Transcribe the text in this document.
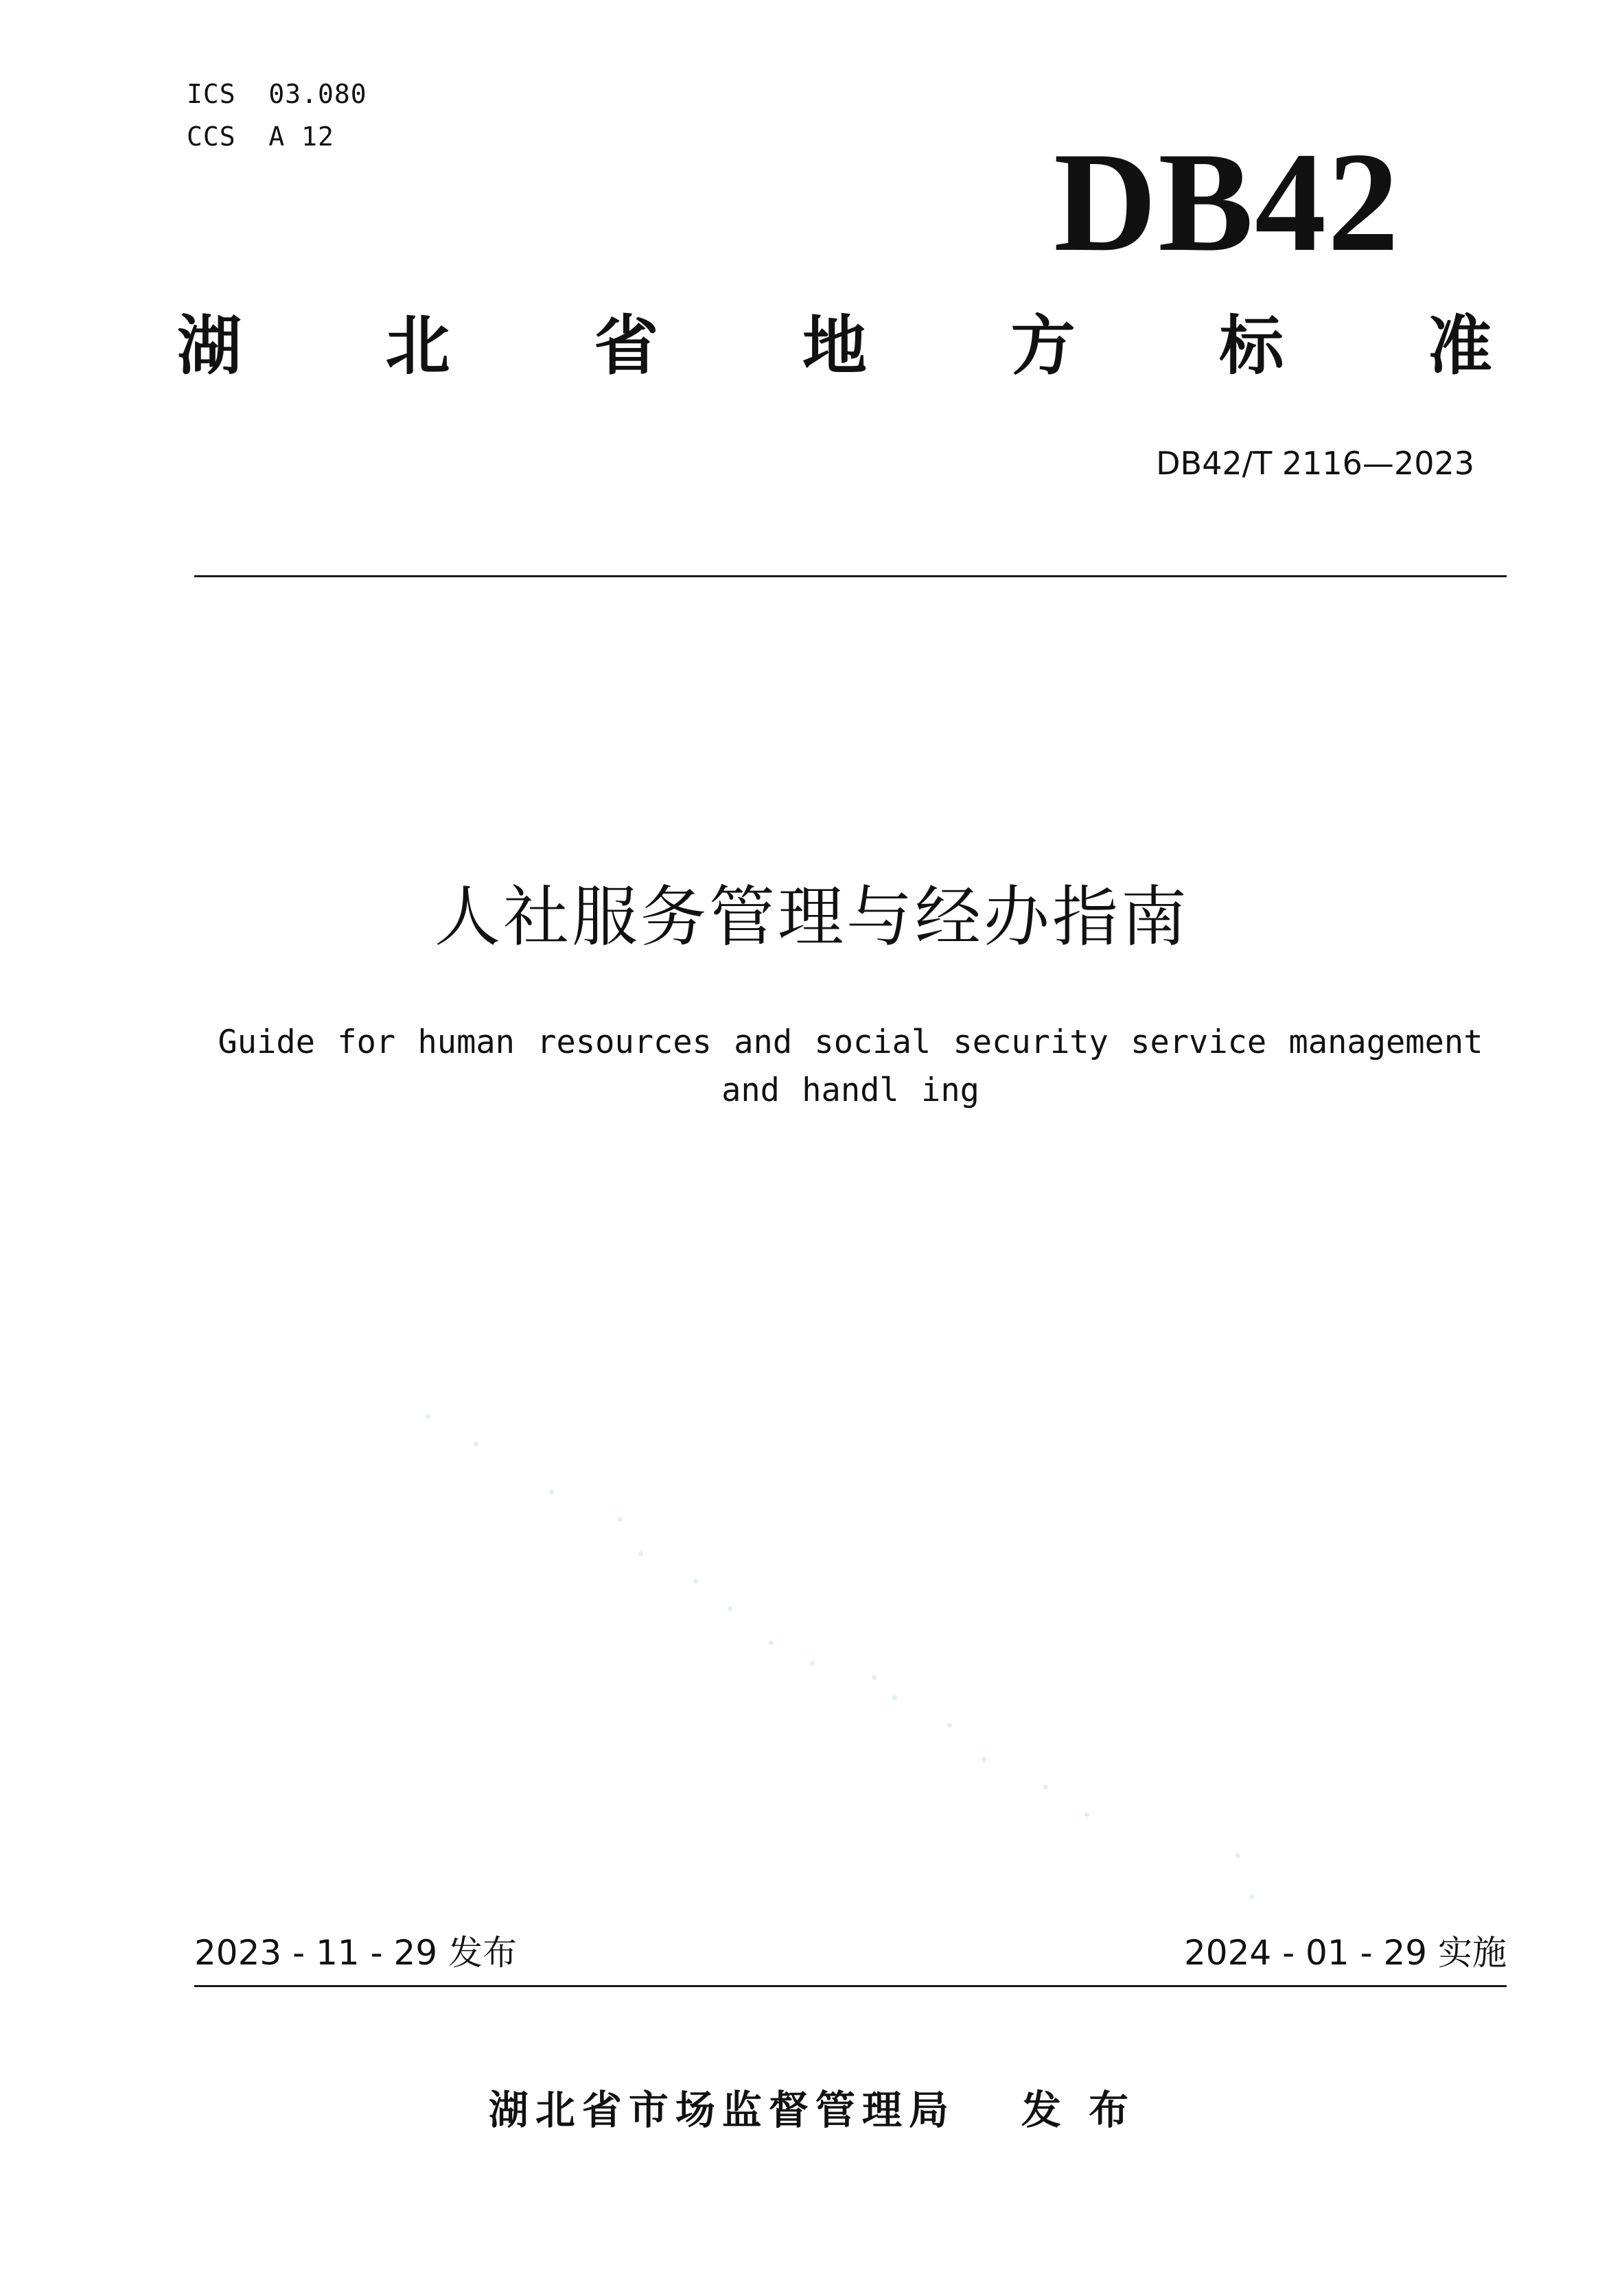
ICS  03.080
CCS  A 12	DB42
湖 北 省 地 方 标 准
DB42/T 2116—2023
人社服务管理与经办指南
Guide for human resources and social security service management and handl ing
2023 - 11 - 29 发布	2024 - 01 - 29 实施
湖北省市场监督管理局 发 布
